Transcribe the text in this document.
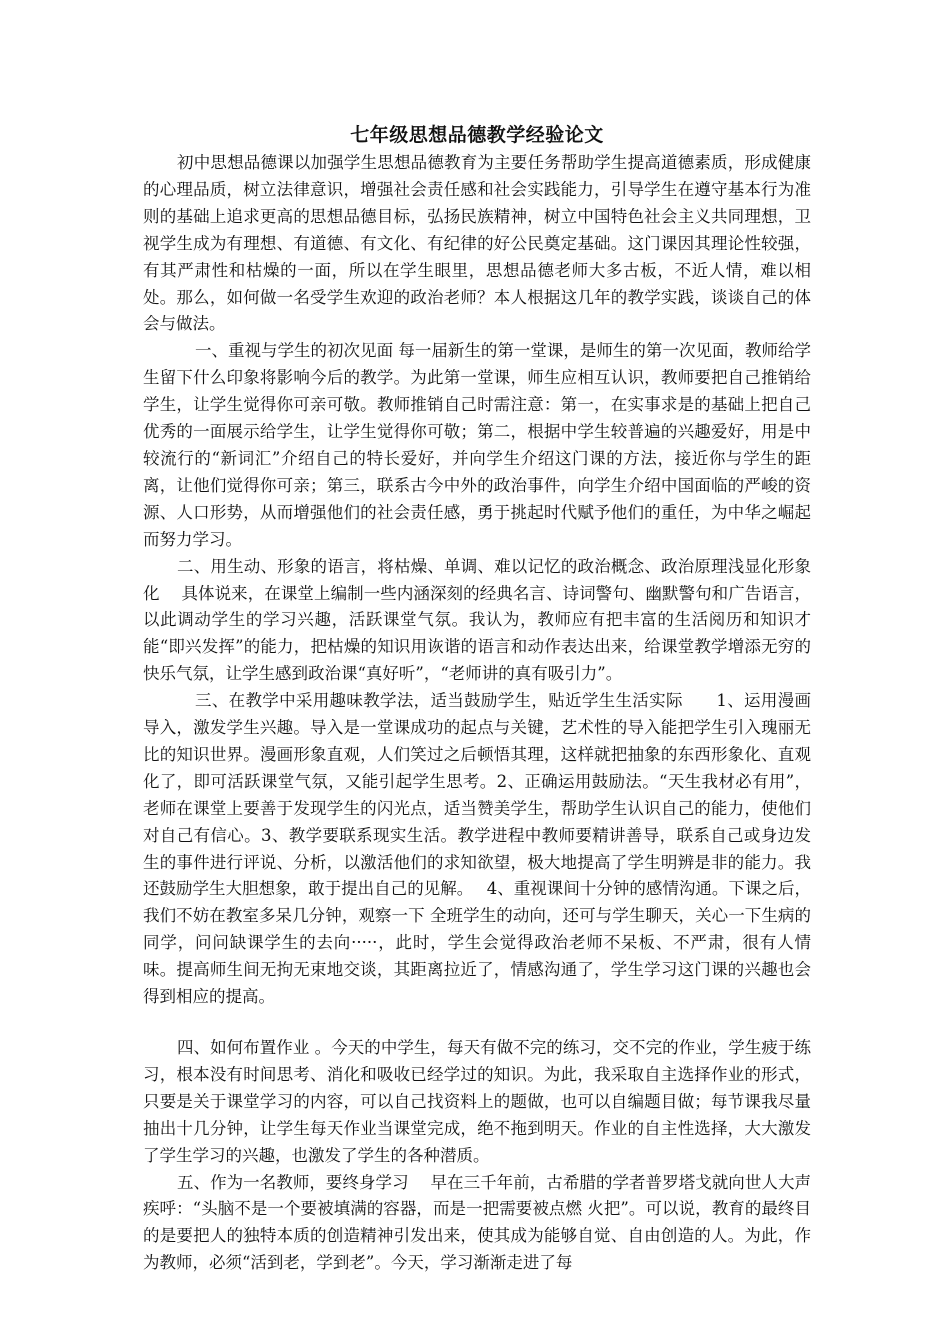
七年级思想品德教学经验论文

初中思想品德课以加强学生思想品德教育为主要任务帮助学生提高道德素质，形成健康的心理品质，树立法律意识，增强社会责任感和社会实践能力，引导学生在遵守基本行为准则的基础上追求更高的思想品德目标，弘扬民族精神，树立中国特色社会主义共同理想，卫视学生成为有理想、有道德、有文化、有纪律的好公民奠定基础。这门课因其理论性较强，有其严肃性和枯燥的一面，所以在学生眼里，思想品德老师大多古板，不近人情，难以相处。那么，如何做一名受学生欢迎的政治老师？本人根据这几年的教学实践，谈谈自己的体会与做法。

一、重视与学生的初次见面 每一届新生的第一堂课，是师生的第一次见面，教师给学生留下什么印象将影响今后的教学。为此第一堂课，师生应相互认识，教师要把自己推销给学生，让学生觉得你可亲可敬。教师推销自己时需注意：第一，在实事求是的基础上把自己优秀的一面展示给学生，让学生觉得你可敬；第二，根据中学生较普遍的兴趣爱好，用是中较流行的“新词汇”介绍自己的特长爱好，并向学生介绍这门课的方法，接近你与学生的距离，让他们觉得你可亲；第三，联系古今中外的政治事件，向学生介绍中国面临的严峻的资源、人口形势，从而增强他们的社会责任感，勇于挑起时代赋予他们的重任，为中华之崛起而努力学习。

二、用生动、形象的语言，将枯燥、单调、难以记忆的政治概念、政治原理浅显化形象化　 具体说来，在课堂上编制一些内涵深刻的经典名言、诗词警句、幽默警句和广告语言，以此调动学生的学习兴趣，活跃课堂气氛。我认为，教师应有把丰富的生活阅历和知识才能“即兴发挥”的能力，把枯燥的知识用诙谐的语言和动作表达出来，给课堂教学增添无穷的快乐气氛，让学生感到政治课“真好听”，“老师讲的真有吸引力”。

三、在教学中采用趣味教学法，适当鼓励学生，贴近学生生活实际　　1、运用漫画导入，激发学生兴趣。导入是一堂课成功的起点与关键，艺术性的导入能把学生引入瑰丽无比的知识世界。漫画形象直观，人们笑过之后顿悟其理，这样就把抽象的东西形象化、直观化了，即可活跃课堂气氛，又能引起学生思考。2、正确运用鼓励法。“天生我材必有用”，老师在课堂上要善于发现学生的闪光点，适当赞美学生，帮助学生认识自己的能力，使他们对自己有信心。3、教学要联系现实生活。教学进程中教师要精讲善导，联系自己或身边发生的事件进行评说、分析，以激活他们的求知欲望，极大地提高了学生明辨是非的能力。我还鼓励学生大胆想象，敢于提出自己的见解。　 4、重视课间十分钟的感情沟通。下课之后，我们不妨在教室多呆几分钟，观察一下 全班学生的动向，还可与学生聊天，关心一下生病的同学，问问缺课学生的去向·····，此时，学生会觉得政治老师不呆板、不严肃，很有人情味。提高师生间无拘无束地交谈，其距离拉近了，情感沟通了，学生学习这门课的兴趣也会得到相应的提高。

四、如何布置作业 。今天的中学生，每天有做不完的练习，交不完的作业，学生疲于练习，根本没有时间思考、消化和吸收已经学过的知识。为此，我采取自主选择作业的形式，只要是关于课堂学习的内容，可以自己找资料上的题做，也可以自编题目做；每节课我尽量抽出十几分钟，让学生每天作业当课堂完成，绝不拖到明天。作业的自主性选择，大大激发了学生学习的兴趣，也激发了学生的各种潜质。

五、作为一名教师，要终身学习　 早在三千年前，古希腊的学者普罗塔戈就向世人大声疾呼：“头脑不是一个要被填满的容器，而是一把需要被点燃 火把”。可以说，教育的最终目的是要把人的独特本质的创造精神引发出来，使其成为能够自觉、自由创造的人。为此，作为教师，必须“活到老，学到老”。今天，学习渐渐走进了每
